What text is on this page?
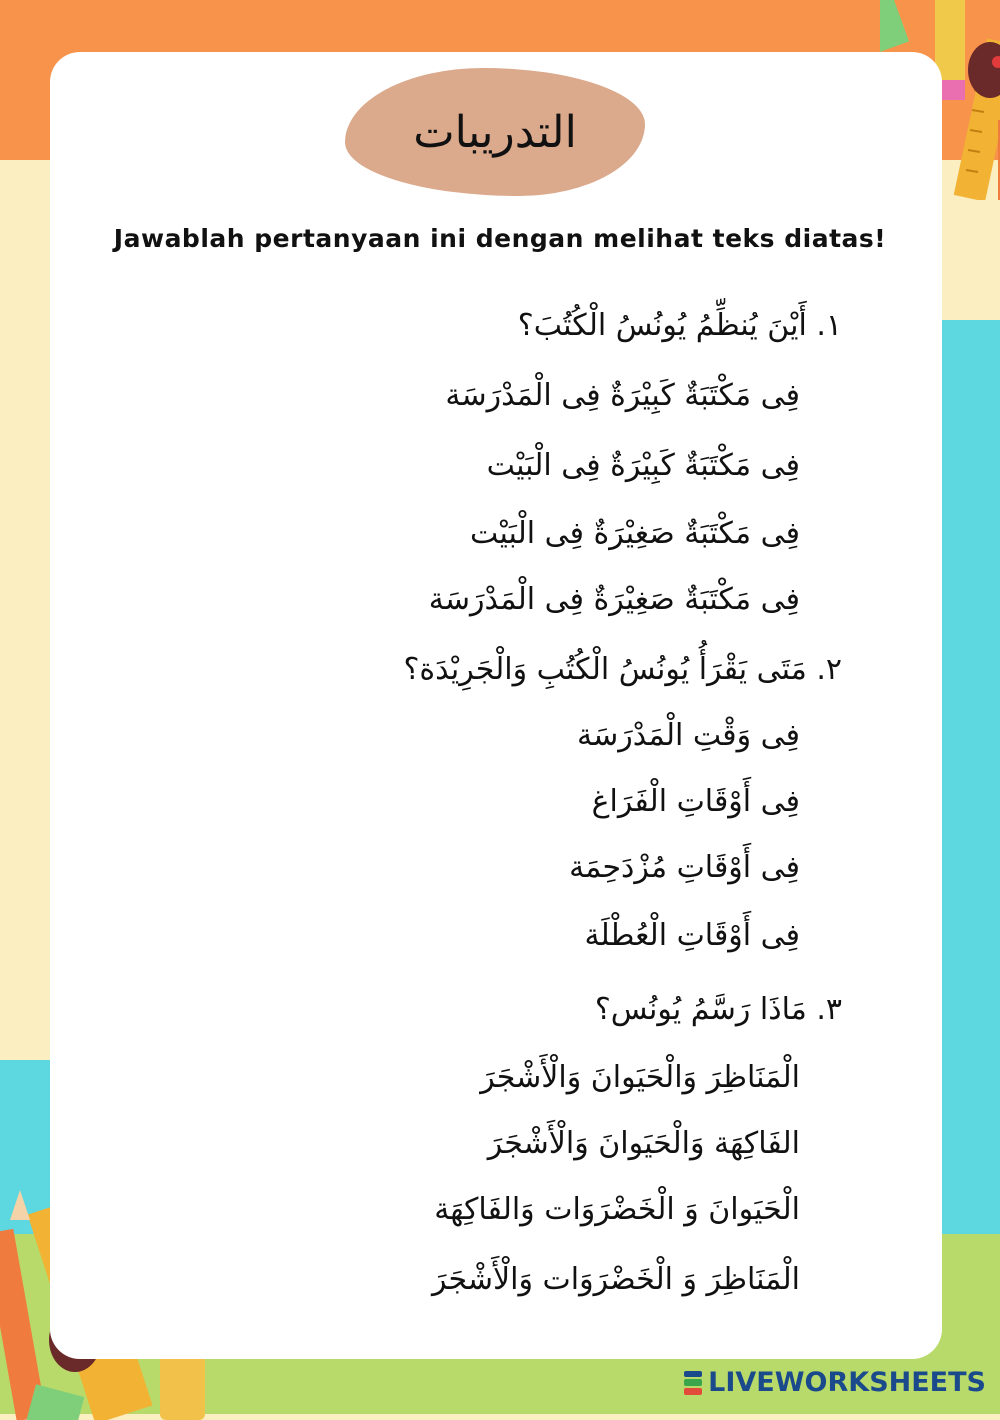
التدريبات
Jawablah pertanyaan ini dengan melihat teks diatas!
١. أَيْنَ يُنظِّمُ يُونُسُ الْكُتُبَ؟
فِى مَكْتَبَةٌ كَبِيْرَةٌ فِى الْمَدْرَسَة
فِى مَكْتَبَةٌ كَبِيْرَةٌ فِى الْبَيْت
فِى مَكْتَبَةٌ صَغِيْرَةٌ فِى الْبَيْت
فِى مَكْتَبَةٌ صَغِيْرَةٌ فِى الْمَدْرَسَة
٢. مَتَى يَقْرَأُ يُونُسُ الْكُتُبِ وَالْجَرِيْدَة؟
فِى وَقْتِ الْمَدْرَسَة
فِى أَوْقَاتِ الْفَرَاغ
فِى أَوْقَاتِ مُزْدَحِمَة
فِى أَوْقَاتِ الْعُطْلَة
٣. مَاذَا رَسَّمُ يُونُس؟
الْمَنَاظِرَ وَالْحَيَوانَ وَالْأَشْجَرَ
الفَاكِهَة وَالْحَيَوانَ وَالْأَشْجَرَ
الْحَيَوانَ وَ الْخَضْرَوَات وَالفَاكِهَة
الْمَنَاظِرَ وَ الْخَضْرَوَات وَالْأَشْجَرَ
LIVEWORKSHEETS
